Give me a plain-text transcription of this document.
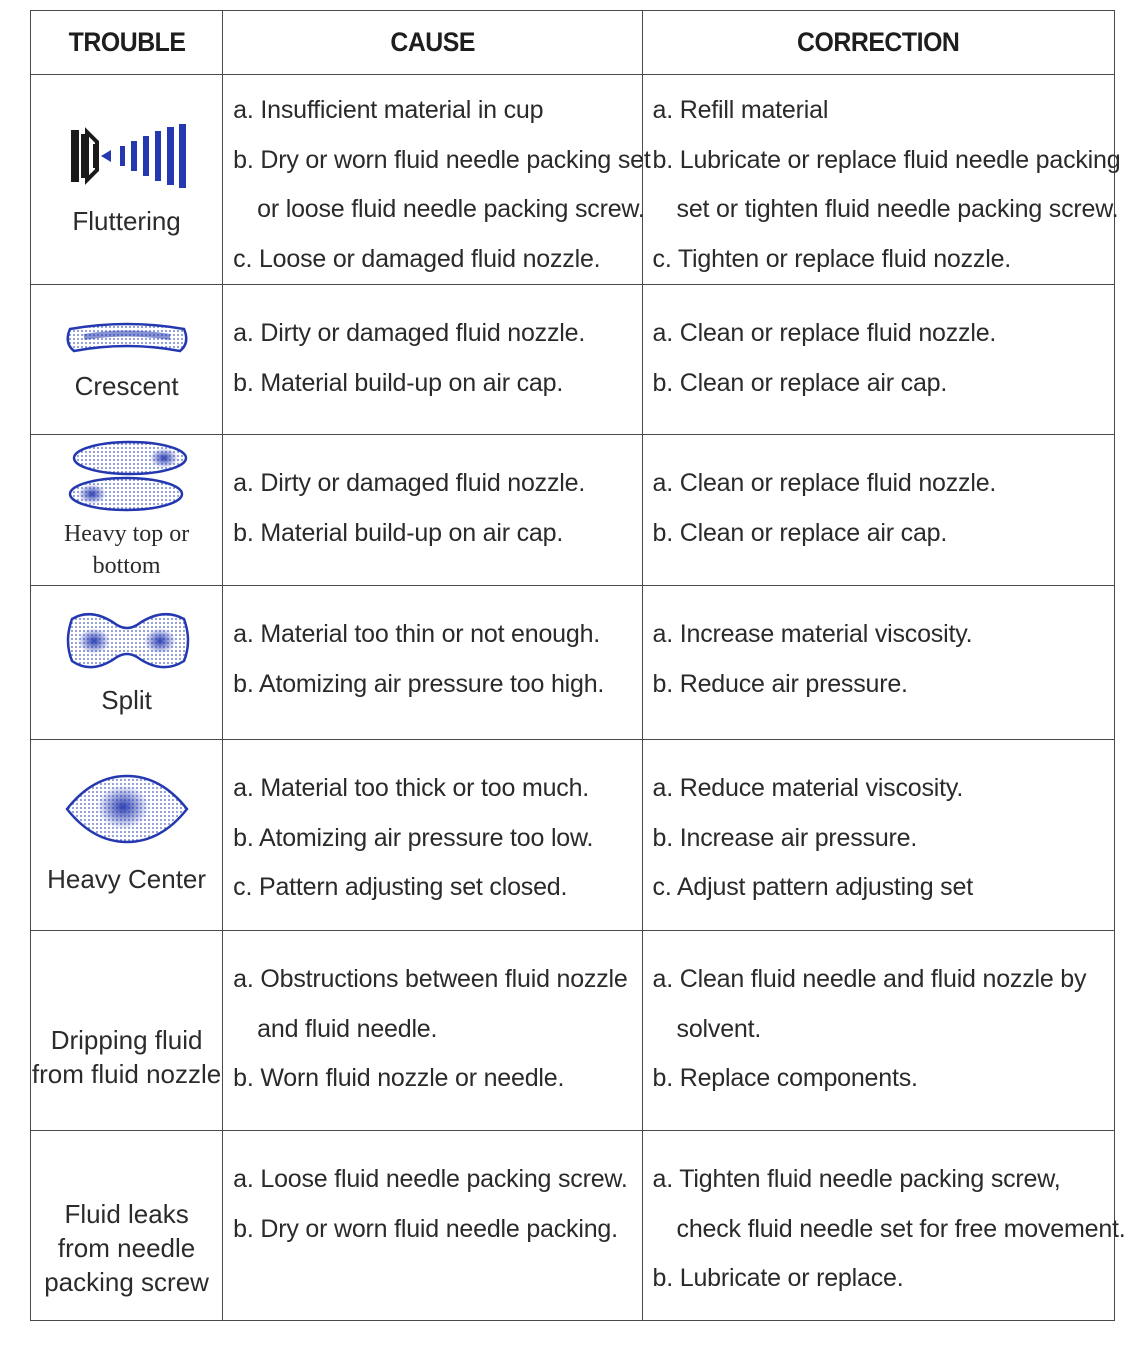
TROUBLE	CAUSE	CORRECTION

Fluttering	a. Insufficient material in cup
b. Dry or worn fluid needle packing set
or loose fluid needle packing screw.
c. Loose or damaged fluid nozzle.	a. Refill material
b. Lubricate or replace fluid needle packing
set or tighten fluid needle packing screw.
c. Tighten or replace fluid nozzle.

Crescent	a. Dirty or damaged fluid nozzle.
b. Material build-up on air cap.	a. Clean or replace fluid nozzle.
b. Clean or replace air cap.

Heavy top or
bottom	a. Dirty or damaged fluid nozzle.
b. Material build-up on air cap.	a. Clean or replace fluid nozzle.
b. Clean or replace air cap.

Split	a. Material too thin or not enough.
b. Atomizing air pressure too high.	a. Increase material viscosity.
b. Reduce air pressure.

Heavy Center	a. Material too thick or too much.
b. Atomizing air pressure too low.
c. Pattern adjusting set closed.	a. Reduce material viscosity.
b. Increase air pressure.
c. Adjust pattern adjusting set

Dripping fluid
from fluid nozzle	a. Obstructions between fluid nozzle
and fluid needle.
b. Worn fluid nozzle or needle.	a. Clean fluid needle and fluid nozzle by
solvent.
b. Replace components.

Fluid leaks
from needle
packing screw	a. Loose fluid needle packing screw.
b. Dry or worn fluid needle packing.	a. Tighten fluid needle packing screw,
check fluid needle set for free movement.
b. Lubricate or replace.
